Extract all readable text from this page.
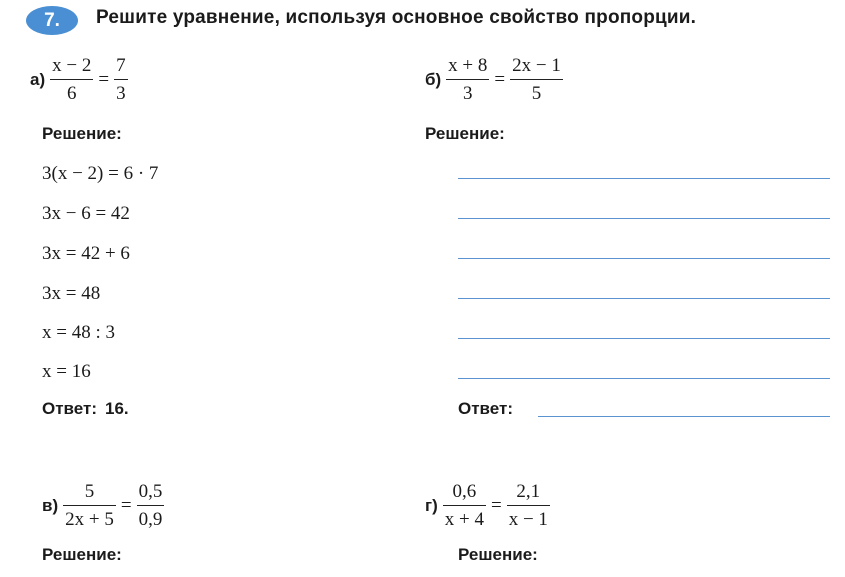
7. Решите уравнение, используя основное свойство пропорции.
$а) \frac{x - 2}{6} = \frac{7}{3}$
Решение:
3(x − 2) = 6 · 7
3x − 6 = 42
3x = 42 + 6
3x = 48
x = 48 : 3
x = 16
Ответ: 16.
$б) \frac{x + 8}{3} = \frac{2x - 1}{5}$
Решение:
Ответ:
$в) \frac{5}{2x + 5} = \frac{0,5}{0,9}$
Решение:
$г) \frac{0,6}{x + 4} = \frac{2,1}{x - 1}$
Решение:
